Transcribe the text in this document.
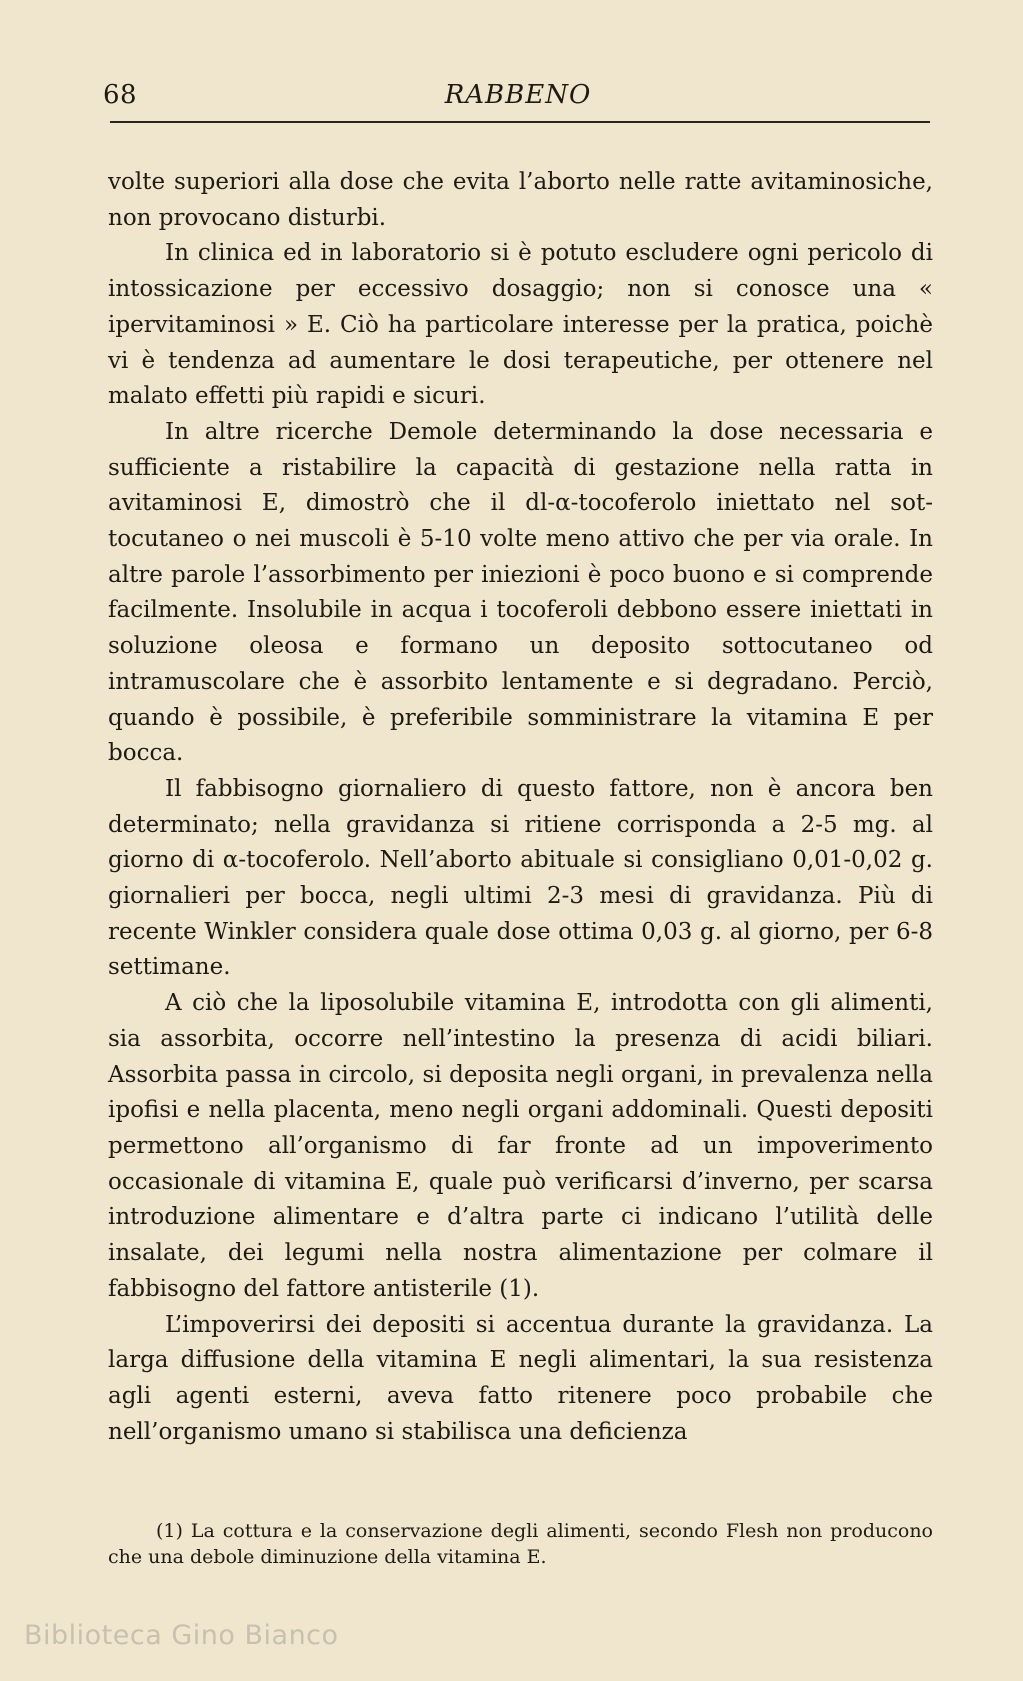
68	RABBENO

volte superiori alla dose che evita l’aborto nelle ratte avitaminosiche, non provocano disturbi.

In clinica ed in laboratorio si è potuto escludere ogni pericolo di intossicazione per eccessivo dosaggio; non si conosce una « ipervitaminosi » E. Ciò ha particolare interesse per la pratica, poichè vi è tendenza ad aumentare le dosi terapeutiche, per ottenere nel malato effetti più rapidi e sicuri.

In altre ricerche Demole determinando la dose necessaria e sufficiente a ristabilire la capacità di gestazione nella ratta in avitaminosi E, dimostrò che il dl-α-tocoferolo iniettato nel sottocutaneo o nei muscoli è 5-10 volte meno attivo che per via orale. In altre parole l’assorbimento per iniezioni è poco buono e si comprende facilmente. Insolubile in acqua i tocoferoli debbono essere iniettati in soluzione oleosa e formano un deposito sottocutaneo od intramuscolare che è assorbito lentamente e si degradano. Perciò, quando è possibile, è preferibile somministrare la vitamina E per bocca.

Il fabbisogno giornaliero di questo fattore, non è ancora ben determinato; nella gravidanza si ritiene corrisponda a 2-5 mg. al giorno di α-tocoferolo. Nell’aborto abituale si consigliano 0,01-0,02 g. giornalieri per bocca, negli ultimi 2-3 mesi di gravidanza. Più di recente Winkler considera quale dose ottima 0,03 g. al giorno, per 6-8 settimane.

A ciò che la liposolubile vitamina E, introdotta con gli alimenti, sia assorbita, occorre nell’intestino la presenza di acidi biliari. Assorbita passa in circolo, si deposita negli organi, in prevalenza nella ipofisi e nella placenta, meno negli organi addominali. Questi depositi permettono all’organismo di far fronte ad un impoverimento occasionale di vitamina E, quale può verificarsi d’inverno, per scarsa introduzione alimentare e d’altra parte ci indicano l’utilità delle insalate, dei legumi nella nostra alimentazione per colmare il fabbisogno del fattore antisterile (1).

L’impoverirsi dei depositi si accentua durante la gravidanza. La larga diffusione della vitamina E negli alimentari, la sua resistenza agli agenti esterni, aveva fatto ritenere poco probabile che nell’organismo umano si stabilisca una deficienza

(1) La cottura e la conservazione degli alimenti, secondo Flesh non producono che una debole diminuzione della vitamina E.
Biblioteca Gino Bianco
